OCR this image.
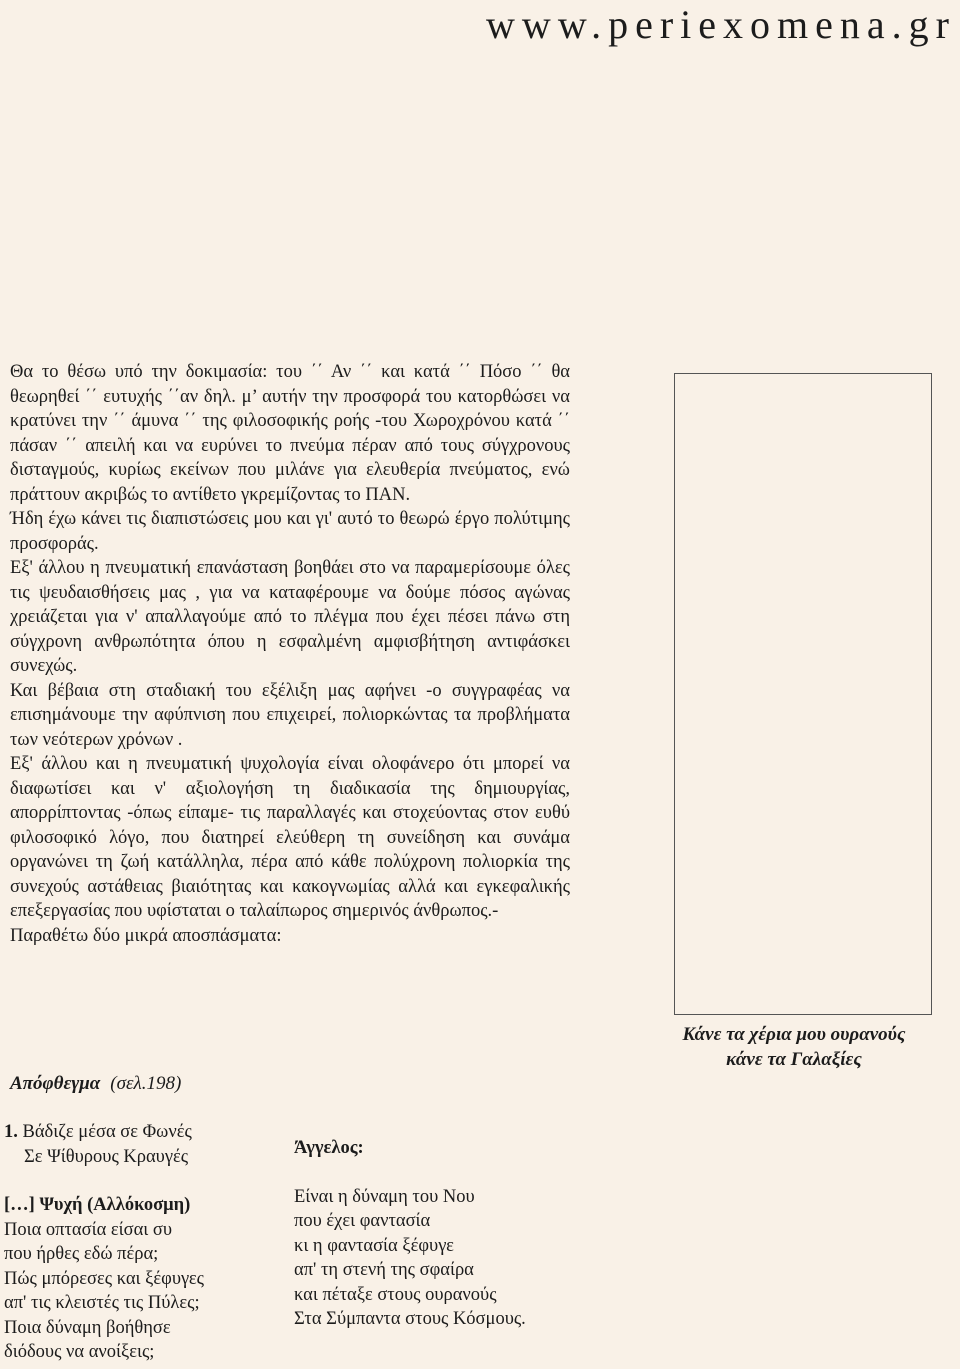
www.periexomena.gr

Θα το θέσω υπό την δοκιμασία: του ΄΄ Αν ΄΄ και κατά ΄΄ Πόσο ΄΄ θα θεωρηθεί ΄΄ ευτυχής ΄΄αν δηλ. μ’ αυτήν την προσφορά του κατορθώσει να κρατύνει την ΄΄ άμυνα ΄΄ της φιλοσοφικής ροής -του Χωροχρόνου κατά ΄΄ πάσαν ΄΄ απειλή και να ευρύνει το πνεύμα πέραν από τους σύγχρονους δισταγμούς, κυρίως εκείνων που μιλάνε για ελευθερία πνεύματος, ενώ πράττουν ακριβώς το αντίθετο γκρεμίζοντας το ΠΑΝ.

Ήδη έχω κάνει τις διαπιστώσεις μου και γι' αυτό το θεωρώ έργο πολύτιμης προσφοράς.

Εξ' άλλου η πνευματική επανάσταση βοηθάει στο να παραμερίσουμε όλες τις ψευδαισθήσεις μας , για να καταφέρουμε να δούμε πόσος αγώνας χρειάζεται για ν' απαλλαγούμε από το πλέγμα που έχει πέσει πάνω στη σύγχρονη ανθρωπότητα όπου η εσφαλμένη αμφισβήτηση αντιφάσκει συνεχώς.

Και βέβαια στη σταδιακή του εξέλιξη μας αφήνει -ο συγγραφέας να επισημάνουμε την αφύπνιση που επιχειρεί, πολιορκώντας τα προβλήματα των νεότερων χρόνων .

Εξ' άλλου και η πνευματική ψυχολογία είναι ολοφάνερο ότι μπορεί να διαφωτίσει και ν' αξιολογήση τη διαδικασία της δημιουργίας, απορρίπτοντας -όπως είπαμε- τις παραλλαγές και στοχεύοντας στον ευθύ φιλοσοφικό λόγο, που διατηρεί ελεύθερη τη συνείδηση και συνάμα οργανώνει τη ζωή κατάλληλα, πέρα από κάθε πολύχρονη πολιορκία της συνεχούς αστάθειας βιαιότητας και κακογνωμίας αλλά και εγκεφαλικής επεξεργασίας που υφίσταται ο ταλαίπωρος σημερινός άνθρωπος.-

Παραθέτω δύο μικρά αποσπάσματα:

Απόφθεγμα (σελ.198)

1. Βάδιζε μέσα σε Φωνές

Σε Ψίθυρους Κραυγές

[…] Ψυχή (Αλλόκοσμη)

Ποια οπτασία είσαι συ

που ήρθες εδώ πέρα;

Πώς μπόρεσες και ξέφυγες

απ' τις κλειστές τις Πύλες;

Ποια δύναμη βοήθησε

διόδους να ανοίξεις;

Άγγελος:

Είναι η δύναμη του Νου

που έχει φαντασία

κι η φαντασία ξέφυγε

απ' τη στενή της σφαίρα

και πέταξε στους ουρανούς

Στα Σύμπαντα στους Κόσμους.

Κάνε τα χέρια μου ουρανούς

κάνε τα Γαλαξίες
